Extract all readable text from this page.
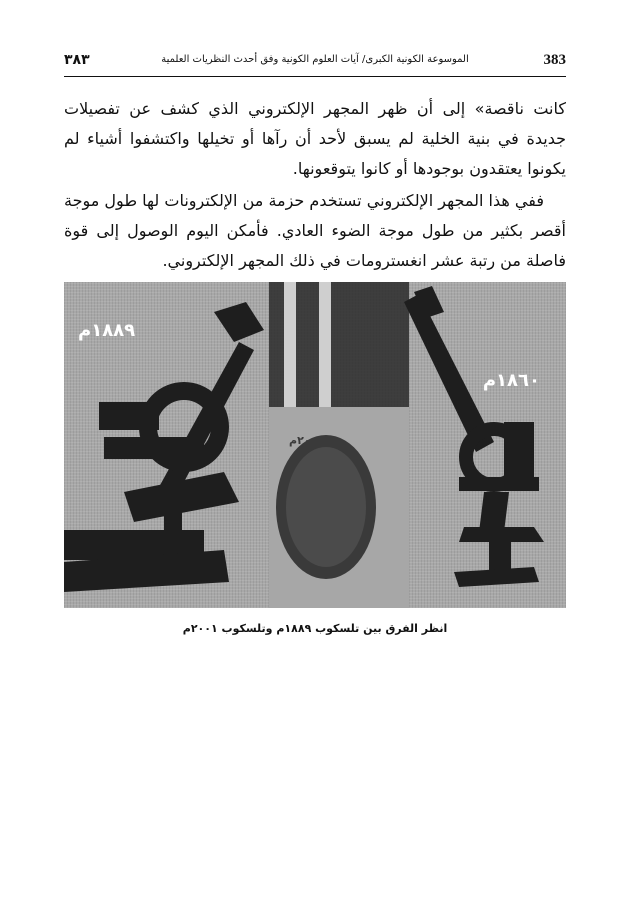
٣٨٣	الموسوعة الكونية الكبرى/ آيات العلوم الكونية وفق أحدث النظريات العلمية	383

كانت ناقصة» إلى أن ظهر المجهر الإلكتروني الذي كشف عن تفصيلات جديدة في بنية الخلية لم يسبق لأحد أن رآها أو تخيلها واكتشفوا أشياء لم يكونوا يعتقدون بوجودها أو كانوا يتوقعونها.

ففي هذا المجهر الإلكتروني تستخدم حزمة من الإلكترونات لها طول موجة أقصر بكثير من طول موجة الضوء العادي. فأمكن اليوم الوصول إلى قوة فاصلة من رتبة عشر انغسترومات في ذلك المجهر الإلكتروني.

١٨٨٩م
١٨٦٠م
٢٠٠١م
انظر الفرق بين تلسكوب ١٨٨٩م وتلسكوب ٢٠٠١م
